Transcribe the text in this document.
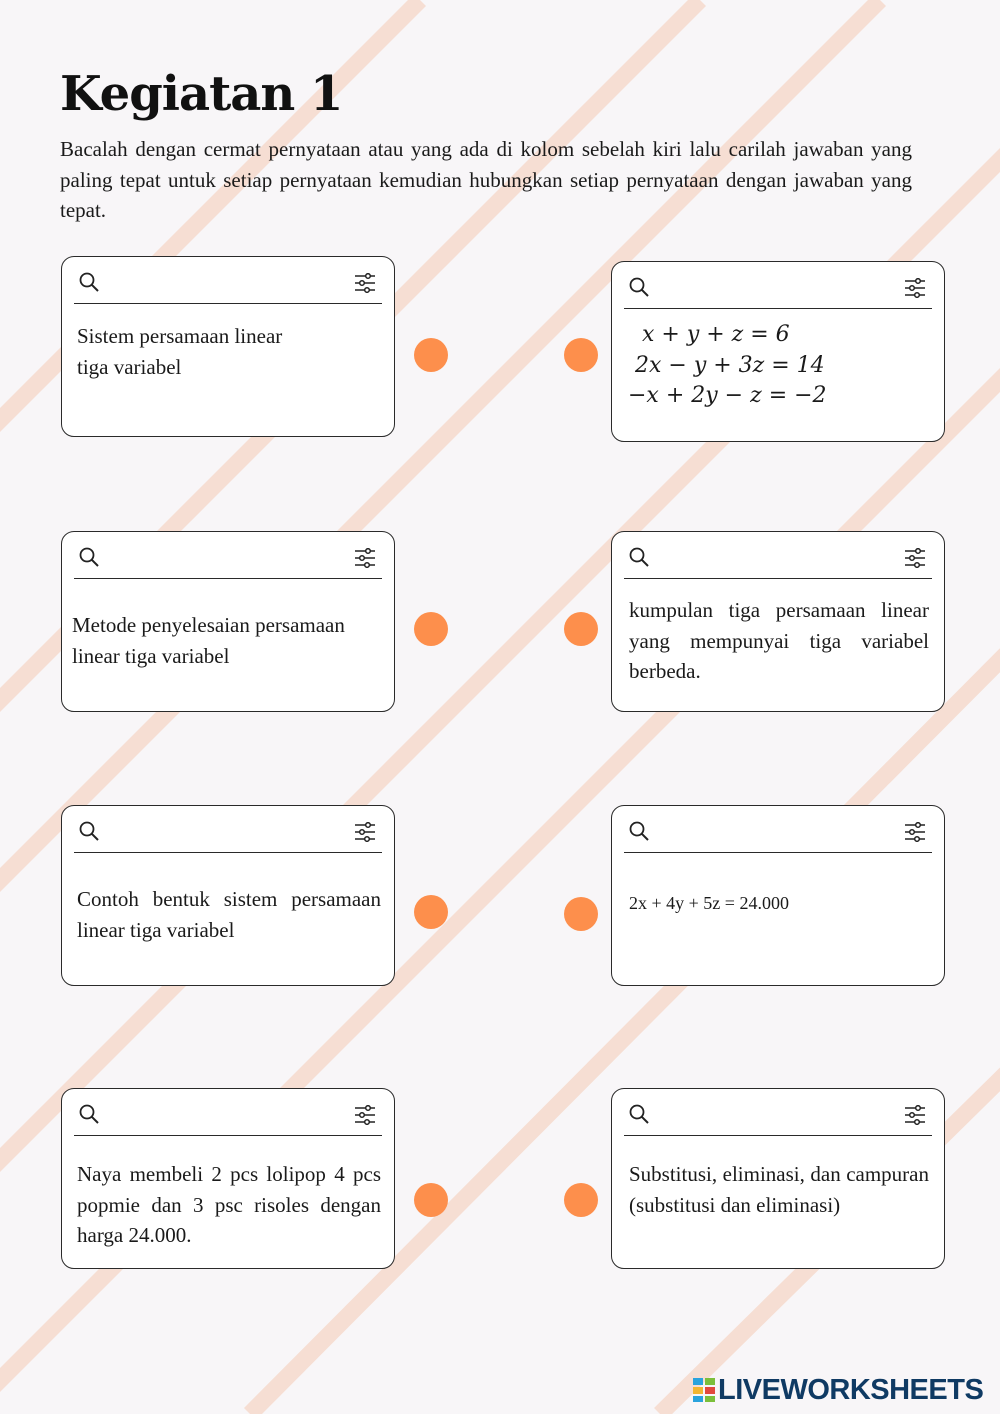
Kegiatan 1

Bacalah dengan cermat pernyataan atau yang ada di kolom sebelah kiri lalu carilah jawaban yang paling tepat untuk setiap pernyataan kemudian hubungkan setiap pernyataan dengan jawaban yang tepat.

Sistem persamaan linear
tiga variabel

Metode penyelesaian persamaan linear tiga variabel

Contoh bentuk sistem persamaan linear tiga variabel

Naya membeli 2 pcs lolipop 4 pcs popmie dan 3 psc risoles dengan harga 24.000.

x + y + z = 6
2x − y + 3z = 14
−x + 2y − z = −2

kumpulan tiga persamaan linear yang mempunyai tiga variabel berbeda.

2x + 4y + 5z = 24.000

Substitusi, eliminasi, dan campuran (substitusi dan eliminasi)

LIVEWORKSHEETS
